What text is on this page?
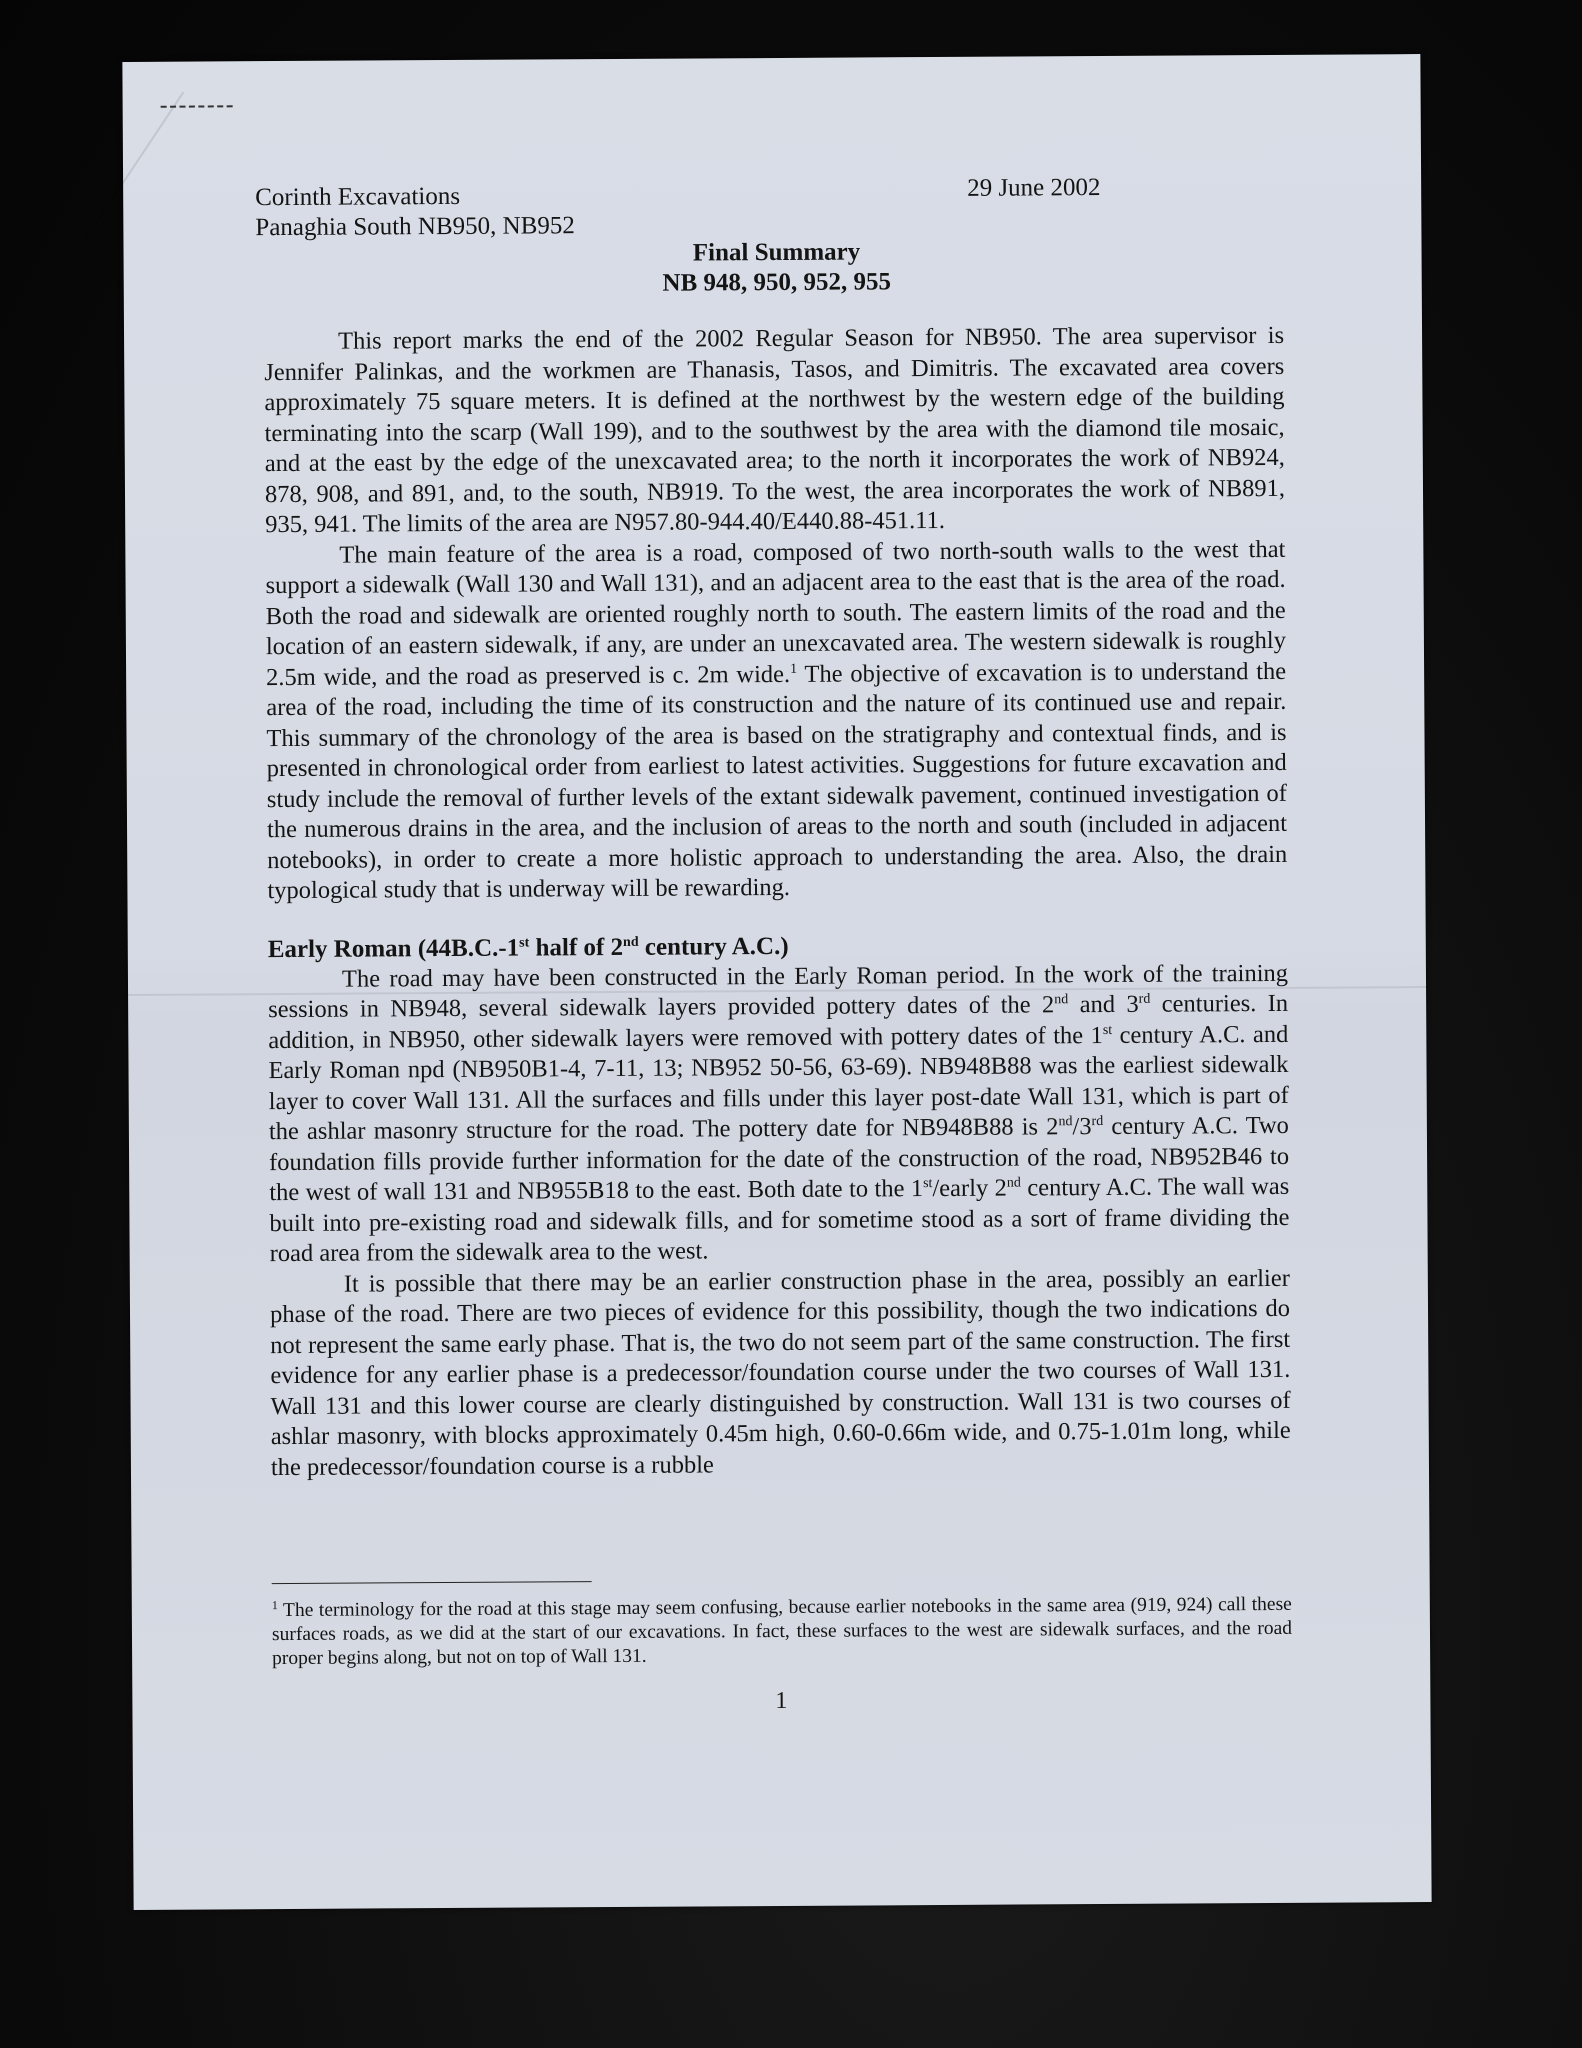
Corinth Excavations
Panaghia South NB950, NB952
29 June 2002
Final Summary
NB 948, 950, 952, 955

This report marks the end of the 2002 Regular Season for NB950. The area supervisor is Jennifer Palinkas, and the workmen are Thanasis, Tasos, and Dimitris. The excavated area covers approximately 75 square meters. It is defined at the northwest by the western edge of the building terminating into the scarp (Wall 199), and to the southwest by the area with the diamond tile mosaic, and at the east by the edge of the unexcavated area; to the north it incorporates the work of NB924, 878, 908, and 891, and, to the south, NB919. To the west, the area incorporates the work of NB891, 935, 941. The limits of the area are N957.80-944.40/E440.88-451.11.

The main feature of the area is a road, composed of two north-south walls to the west that support a sidewalk (Wall 130 and Wall 131), and an adjacent area to the east that is the area of the road. Both the road and sidewalk are oriented roughly north to south. The eastern limits of the road and the location of an eastern sidewalk, if any, are under an unexcavated area. The western sidewalk is roughly 2.5m wide, and the road as preserved is c. 2m wide.$^1$ The objective of excavation is to understand the area of the road, including the time of its construction and the nature of its continued use and repair. This summary of the chronology of the area is based on the stratigraphy and contextual finds, and is presented in chronological order from earliest to latest activities. Suggestions for future excavation and study include the removal of further levels of the extant sidewalk pavement, continued investigation of the numerous drains in the area, and the inclusion of areas to the north and south (included in adjacent notebooks), in order to create a more holistic approach to understanding the area. Also, the drain typological study that is underway will be rewarding.

Early Roman (44B.C.-1st half of 2nd century A.C.)

The road may have been constructed in the Early Roman period. In the work of the training sessions in NB948, several sidewalk layers provided pottery dates of the 2nd and 3rd centuries. In addition, in NB950, other sidewalk layers were removed with pottery dates of the 1st century A.C. and Early Roman npd (NB950B1-4, 7-11, 13; NB952 50-56, 63-69). NB948B88 was the earliest sidewalk layer to cover Wall 131. All the surfaces and fills under this layer post-date Wall 131, which is part of the ashlar masonry structure for the road. The pottery date for NB948B88 is 2nd/3rd century A.C. Two foundation fills provide further information for the date of the construction of the road, NB952B46 to the west of wall 131 and NB955B18 to the east. Both date to the 1st/early 2nd century A.C. The wall was built into pre-existing road and sidewalk fills, and for sometime stood as a sort of frame dividing the road area from the sidewalk area to the west.

It is possible that there may be an earlier construction phase in the area, possibly an earlier phase of the road. There are two pieces of evidence for this possibility, though the two indications do not represent the same early phase. That is, the two do not seem part of the same construction. The first evidence for any earlier phase is a predecessor/foundation course under the two courses of Wall 131. Wall 131 and this lower course are clearly distinguished by construction. Wall 131 is two courses of ashlar masonry, with blocks approximately 0.45m high, 0.60-0.66m wide, and 0.75-1.01m long, while the predecessor/foundation course is a rubble

$^1$ The terminology for the road at this stage may seem confusing, because earlier notebooks in the same area (919, 924) call these surfaces roads, as we did at the start of our excavations. In fact, these surfaces to the west are sidewalk surfaces, and the road proper begins along, but not on top of Wall 131.
1
